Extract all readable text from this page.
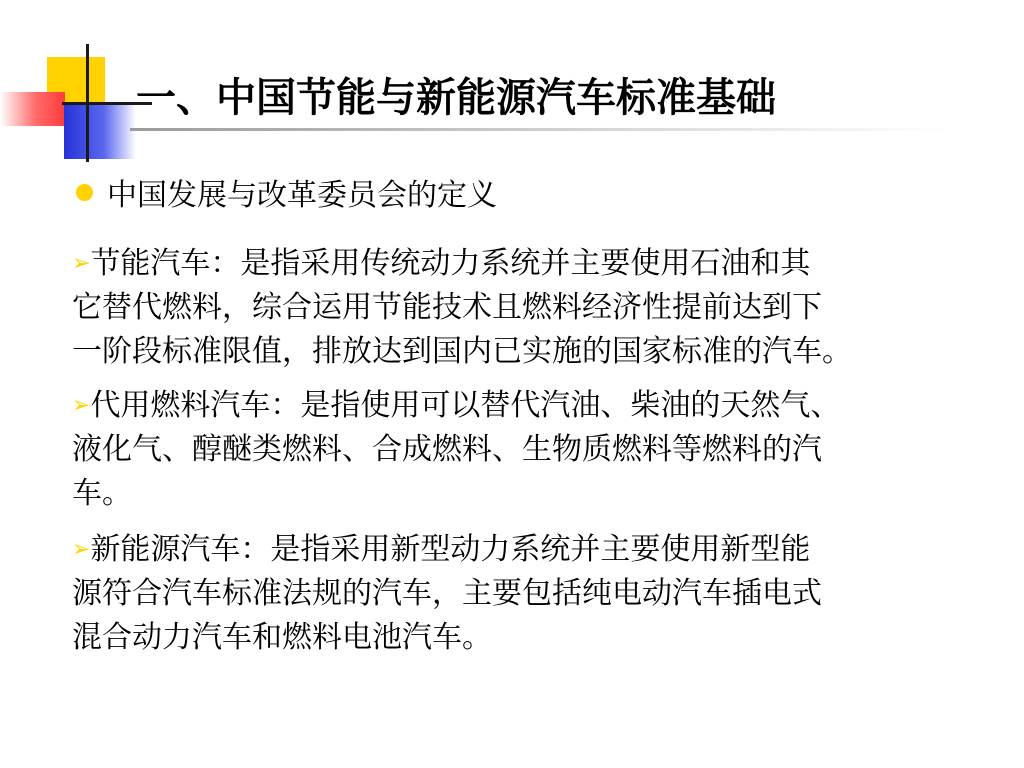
一、中国节能与新能源汽车标准基础
中国发展与改革委员会的定义
➢节能汽车：是指采用传统动力系统并主要使用石油和其
它替代燃料，综合运用节能技术且燃料经济性提前达到下
一阶段标准限值，排放达到国内已实施的国家标准的汽车。
➢代用燃料汽车：是指使用可以替代汽油、柴油的天然气、
液化气、醇醚类燃料、合成燃料、生物质燃料等燃料的汽
车。
➢新能源汽车：是指采用新型动力系统并主要使用新型能
源符合汽车标准法规的汽车，主要包括纯电动汽车插电式
混合动力汽车和燃料电池汽车。
